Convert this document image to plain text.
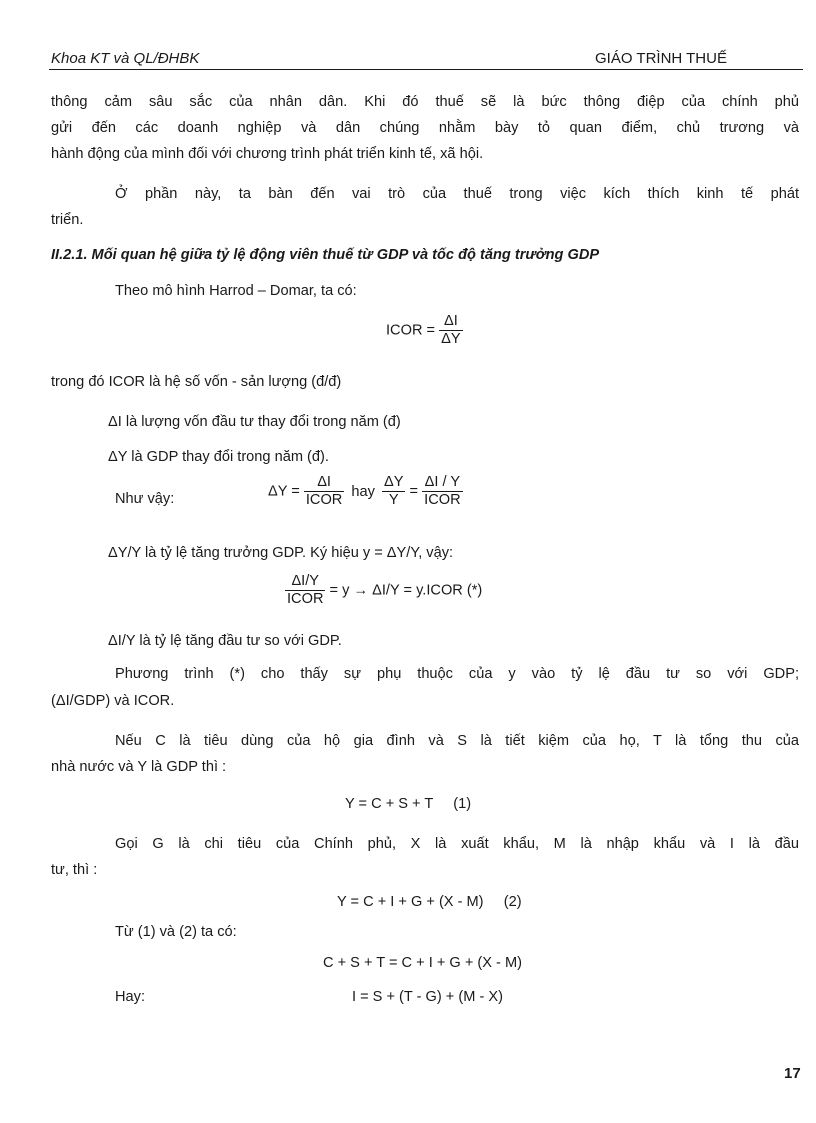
Khoa KT và QL/ĐHBK	GIÁO TRÌNH THUẾ
thông cảm sâu sắc của nhân dân. Khi đó thuế sẽ là bức thông điệp của chính phủ
gửi đến các doanh nghiệp và dân chúng nhằm bày tỏ quan điểm, chủ trương và
hành động của mình đối với chương trình phát triển kinh tế, xã hội.
Ở phần này, ta bàn đến vai trò của thuế trong việc kích thích kinh tế phát
triển.
II.2.1. Mối quan hệ giữa tỷ lệ động viên thuế từ GDP và tốc độ tăng trưởng GDP
Theo mô hình Harrod – Domar, ta có:
ICOR = $\frac{\Delta I}{\Delta Y}$
trong đó ICOR là hệ số vốn - sản lượng (đ/đ)
ΔI là lượng vốn đầu tư thay đổi trong năm (đ)
ΔY là GDP thay đổi trong năm (đ).
Như vậy:	$\Delta Y = \frac{\Delta I}{\text{ICOR}}$ hay $\frac{\Delta Y}{Y} = \frac{\Delta I / Y}{\text{ICOR}}$
ΔY/Y là tỷ lệ tăng trưởng GDP. Ký hiệu y = ΔY/Y, vậy:
$\frac{\Delta I/Y}{\text{ICOR}} = y \to \Delta I/Y$ = y.ICOR (*)
ΔI/Y là tỷ lệ tăng đầu tư so với GDP.
Phương trình (*) cho thấy sự phụ thuộc của y vào tỷ lệ đầu tư so với GDP;
(ΔI/GDP) và ICOR.
Nếu C là tiêu dùng của hộ gia đình và S là tiết kiệm của họ, T là tổng thu của
nhà nước và Y là GDP thì :
Y = C + S + T     (1)
Gọi G là chi tiêu của Chính phủ, X là xuất khẩu, M là nhập khẩu và I là đầu
tư, thì :
Y = C + I + G + (X - M)     (2)
Từ (1) và (2) ta có:
C + S + T = C + I + G + (X - M)
Hay:	I = S + (T - G) + (M - X)
17
